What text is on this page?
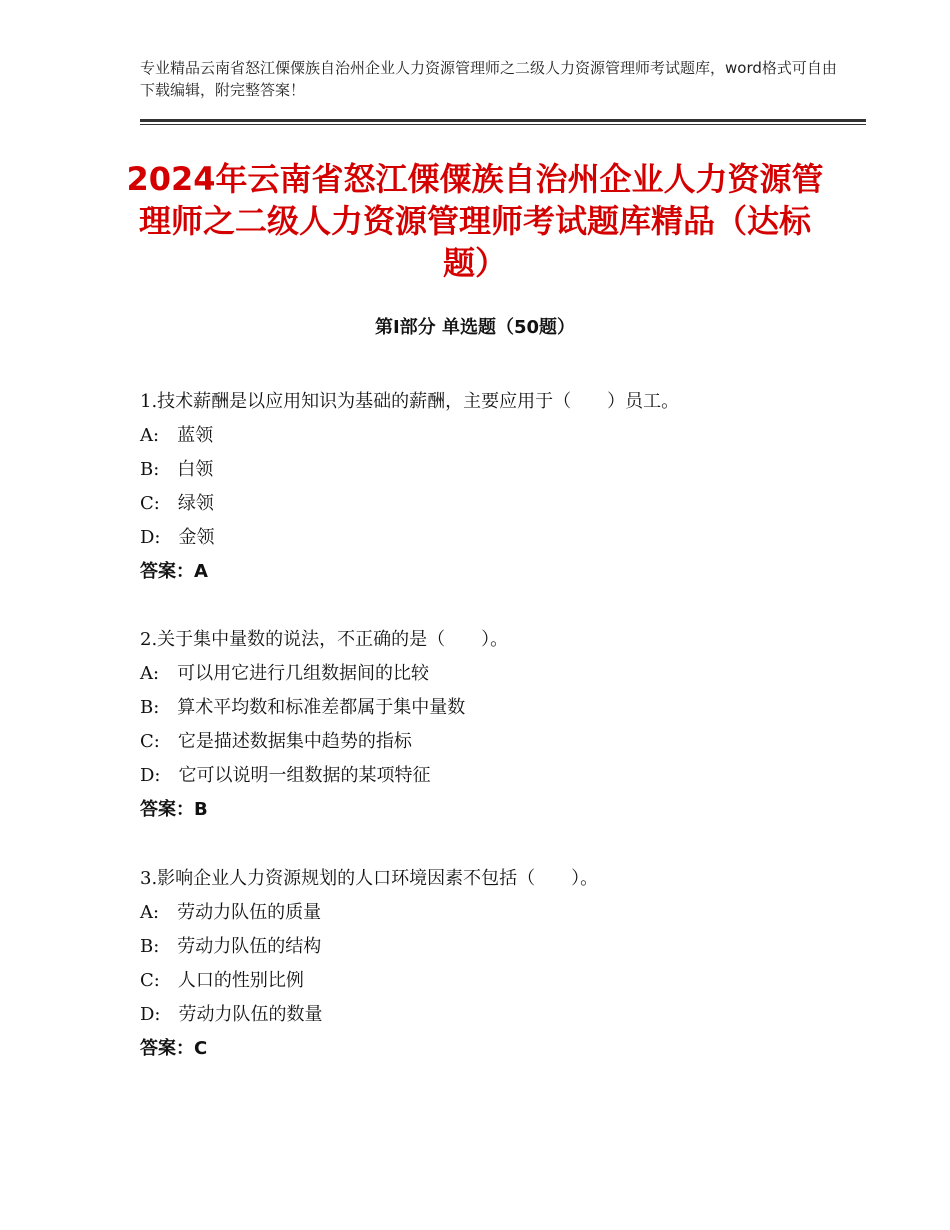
专业精品云南省怒江傈僳族自治州企业人力资源管理师之二级人力资源管理师考试题库，word格式可自由下载编辑，附完整答案！
2024年云南省怒江傈僳族自治州企业人力资源管理师之二级人力资源管理师考试题库精品（达标题）
第Ⅰ部分 单选题（50题）
1.技术薪酬是以应用知识为基础的薪酬，主要应用于（　　）员工。
A:　蓝领
B:　白领
C:　绿领
D:　金领
答案：A
2.关于集中量数的说法，不正确的是（　　）。
A:　可以用它进行几组数据间的比较
B:　算术平均数和标准差都属于集中量数
C:　它是描述数据集中趋势的指标
D:　它可以说明一组数据的某项特征
答案：B
3.影响企业人力资源规划的人口环境因素不包括（　　）。
A:　劳动力队伍的质量
B:　劳动力队伍的结构
C:　人口的性别比例
D:　劳动力队伍的数量
答案：C
